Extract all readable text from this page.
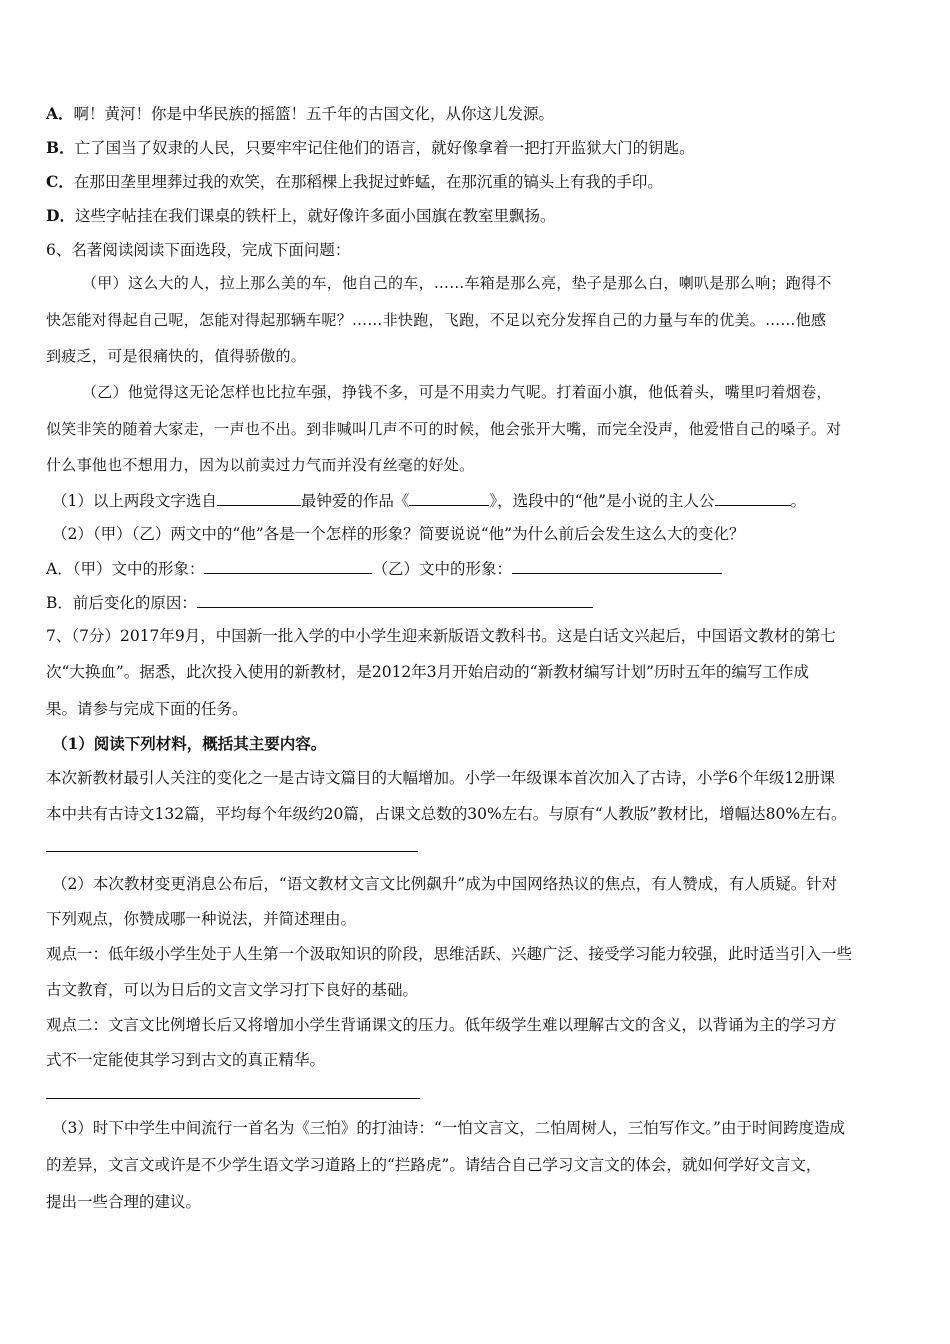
A．啊！黄河！你是中华民族的摇篮！五千年的古国文化，从你这儿发源。
B．亡了国当了奴隶的人民，只要牢牢记住他们的语言，就好像拿着一把打开监狱大门的钥匙。
C．在那田垄里埋葬过我的欢笑，在那稻棵上我捉过蚱蜢，在那沉重的镐头上有我的手印。
D．这些字帖挂在我们课桌的铁杆上，就好像许多面小国旗在教室里飘扬。
6、名著阅读阅读下面选段，完成下面问题：
（甲）这么大的人，拉上那么美的车，他自己的车，……车箱是那么亮，垫子是那么白，喇叭是那么响；跑得不
快怎能对得起自己呢，怎能对得起那辆车呢？……非快跑，飞跑，不足以充分发挥自己的力量与车的优美。……他感
到疲乏，可是很痛快的，值得骄傲的。
（乙）他觉得这无论怎样也比拉车强，挣钱不多，可是不用卖力气呢。打着面小旗，他低着头，嘴里叼着烟卷，
似笑非笑的随着大家走，一声也不出。到非喊叫几声不可的时候，他会张开大嘴，而完全没声，他爱惜自己的嗓子。对
什么事他也不想用力，因为以前卖过力气而并没有丝毫的好处。
（1）以上两段文字选自	最钟爱的作品《	》，选段中的“他”是小说的主人公	。
（2）（甲）（乙）两文中的“他”各是一个怎样的形象？简要说说“他”为什么前后会发生这么大的变化？
A．（甲）文中的形象：	（乙）文中的形象：
B．前后变化的原因：
7、（7分）2017年9月，中国新一批入学的中小学生迎来新版语文教科书。这是白话文兴起后，中国语文教材的第七
次“大换血”。据悉，此次投入使用的新教材，是2012年3月开始启动的“新教材编写计划”历时五年的编写工作成
果。请参与完成下面的任务。
（1）阅读下列材料，概括其主要内容。
本次新教材最引人关注的变化之一是古诗文篇目的大幅增加。小学一年级课本首次加入了古诗，小学6个年级12册课
本中共有古诗文132篇，平均每个年级约20篇，占课文总数的30%左右。与原有“人教版”教材比，增幅达80%左右。
（2）本次教材变更消息公布后，“语文教材文言文比例飙升”成为中国网络热议的焦点，有人赞成，有人质疑。针对
下列观点，你赞成哪一种说法，并简述理由。
观点一：低年级小学生处于人生第一个汲取知识的阶段，思维活跃、兴趣广泛、接受学习能力较强，此时适当引入一些
古文教育，可以为日后的文言文学习打下良好的基础。
观点二：文言文比例增长后又将增加小学生背诵课文的压力。低年级学生难以理解古文的含义，以背诵为主的学习方
式不一定能使其学习到古文的真正精华。
（3）时下中学生中间流行一首名为《三怕》的打油诗：“一怕文言文，二怕周树人，三怕写作文。”由于时间跨度造成
的差异，文言文或许是不少学生语文学习道路上的“拦路虎”。请结合自己学习文言文的体会，就如何学好文言文，
提出一些合理的建议。
